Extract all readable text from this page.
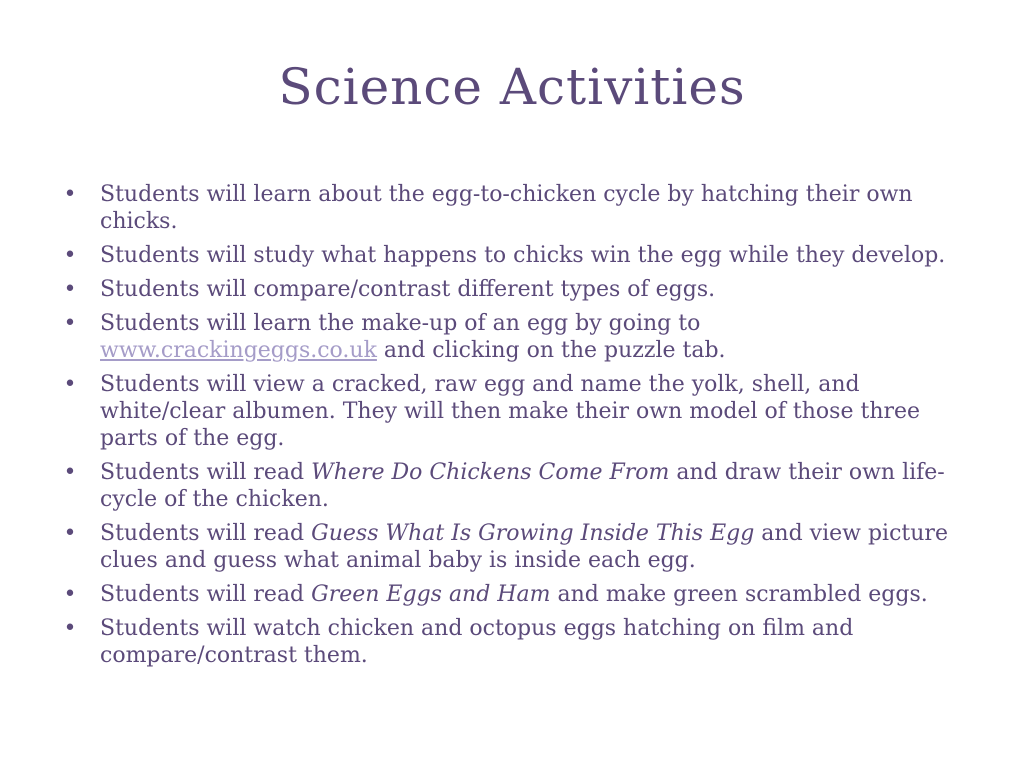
Science Activities
• Students will learn about the egg-to-chicken cycle by hatching their own chicks.
• Students will study what happens to chicks win the egg while they develop.
• Students will compare/contrast different types of eggs.
• Students will learn the make-up of an egg by going to www.crackingeggs.co.uk and clicking on the puzzle tab.
• Students will view a cracked, raw egg and name the yolk, shell, and white/clear albumen. They will then make their own model of those three parts of the egg.
• Students will read Where Do Chickens Come From and draw their own life-cycle of the chicken.
• Students will read Guess What Is Growing Inside This Egg and view picture clues and guess what animal baby is inside each egg.
• Students will read Green Eggs and Ham and make green scrambled eggs.
• Students will watch chicken and octopus eggs hatching on film and compare/contrast them.
